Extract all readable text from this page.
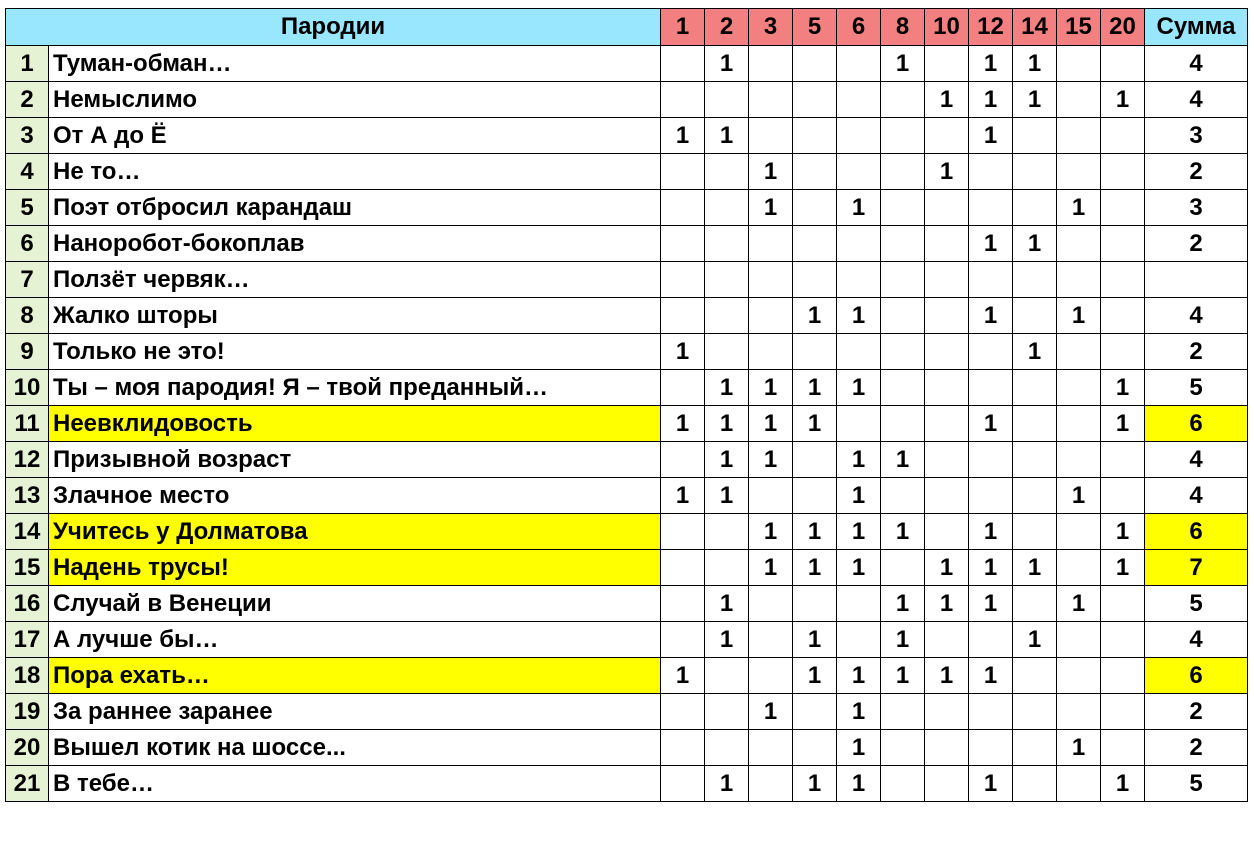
Пародии		1	2	3	5	6	8	10	12	14	15	20	Сумма
1	Туман-обман…		1				1		1	1			4
2	Немыслимо							1	1	1		1	4
3	От А до Ё	1	1						1				3
4	Не то…			1				1					2
5	Поэт отбросил карандаш			1		1					1		3
6	Наноробот-бокоплав								1	1			2
7	Ползёт червяк…												
8	Жалко шторы				1	1			1		1		4
9	Только не это!	1								1			2
10	Ты – моя пародия! Я – твой преданный…		1	1	1	1						1	5
11	Неевклидовость	1	1	1	1				1			1	6
12	Призывной возраст		1	1		1	1						4
13	Злачное место	1	1			1					1		4
14	Учитесь у Долматова			1	1	1	1		1			1	6
15	Надень трусы!			1	1	1		1	1	1		1	7
16	Случай в Венеции		1				1	1	1		1		5
17	А лучше бы…		1		1		1			1			4
18	Пора ехать…	1			1	1	1	1	1				6
19	За раннее заранее			1		1							2
20	Вышел котик на шоссе...					1					1		2
21	В тебе…		1		1	1			1			1	5
